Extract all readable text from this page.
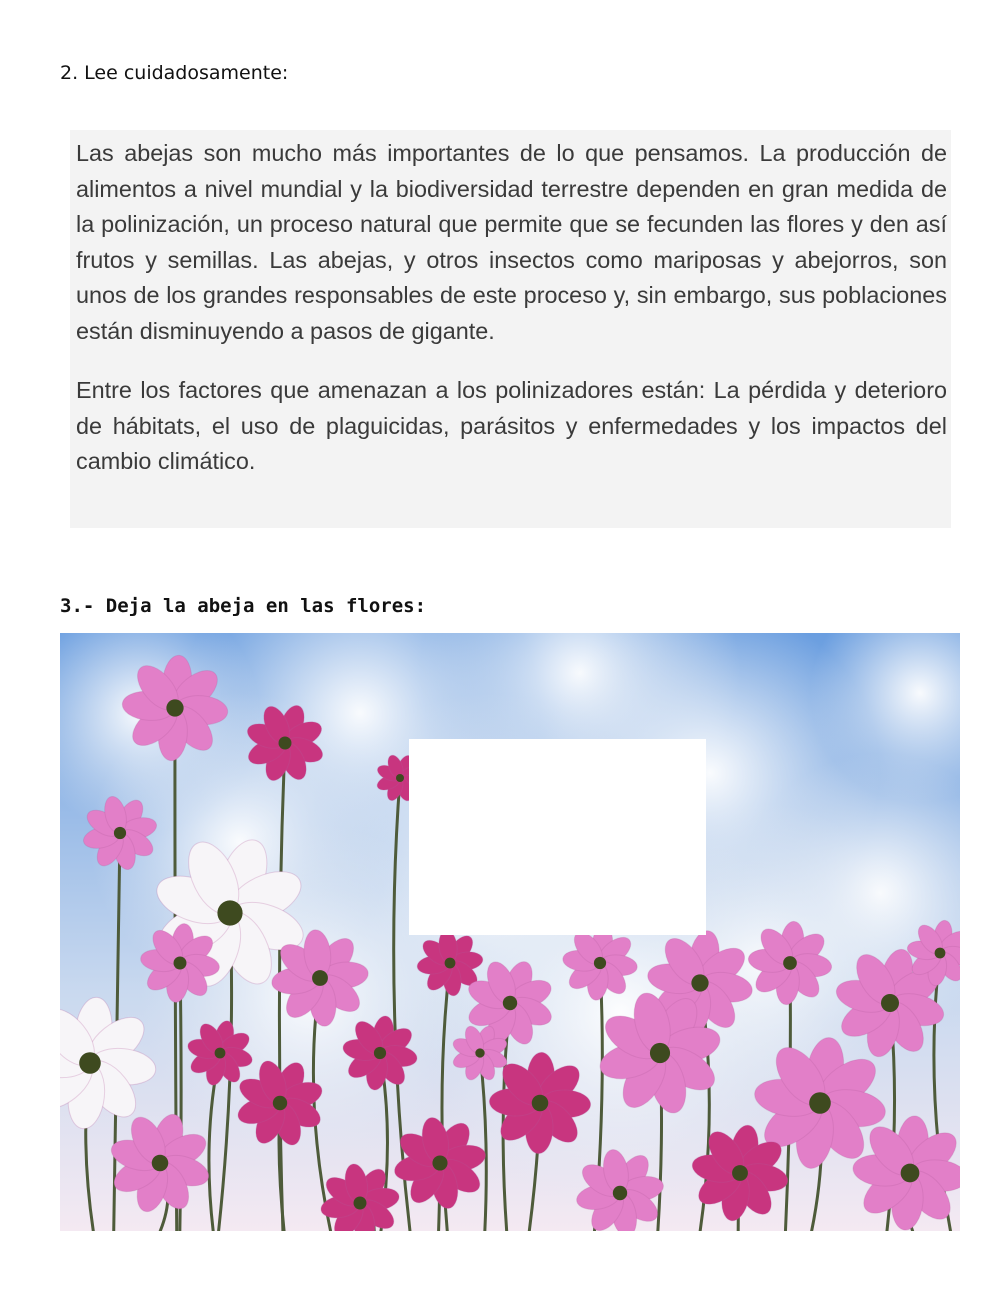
2. Lee cuidadosamente:

Las abejas son mucho más importantes de lo que pensamos. La producción de alimentos a nivel mundial y la biodiversidad terrestre dependen en gran medida de la polinización, un proceso natural que permite que se fecunden las flores y den así frutos y semillas. Las abejas, y otros insectos como mariposas y abejorros, son unos de los grandes responsables de este proceso y, sin embargo, sus poblaciones están disminuyendo a pasos de gigante.

Entre los factores que amenazan a los polinizadores están: La pérdida y deterioro de hábitats, el uso de plaguicidas, parásitos y enfermedades y los impactos del cambio climático.

3.- Deja la abeja en las flores:
